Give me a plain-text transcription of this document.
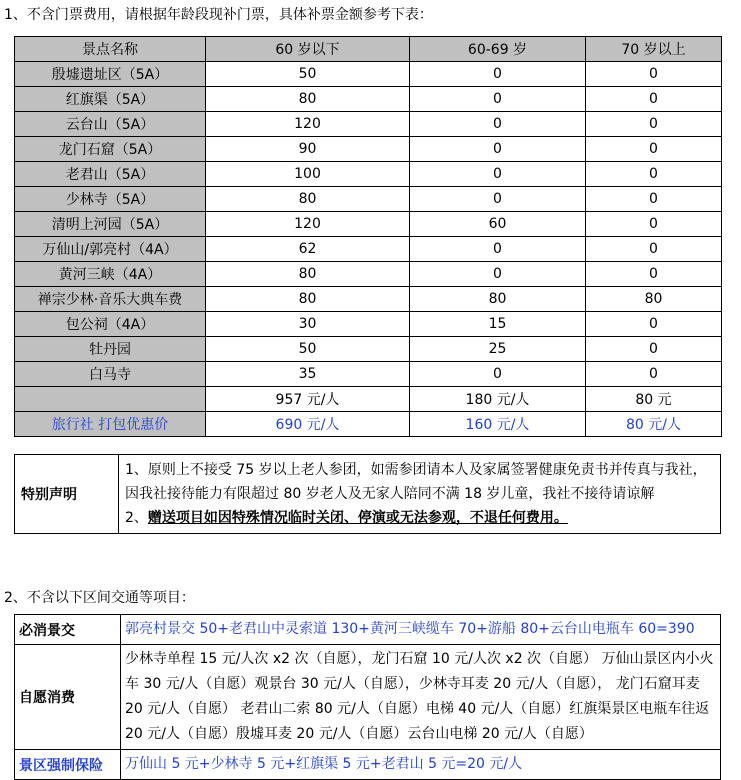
1、不含门票费用，请根据年龄段现补门票，具体补票金额参考下表：
景点名称	60 岁以下	60-69 岁	70 岁以上
殷墟遗址区（5A）	50	0	0
红旗渠（5A）	80	0	0
云台山（5A）	120	0	0
龙门石窟（5A）	90	0	0
老君山（5A）	100	0	0
少林寺（5A）	80	0	0
清明上河园（5A）	120	60	0
万仙山/郭亮村（4A）	62	0	0
黄河三峡（4A）	80	0	0
禅宗少林·音乐大典车费	80	80	80
包公祠（4A）	30	15	0
牡丹园	50	25	0
白马寺	35	0	0
	957 元/人	180 元/人	80 元
旅行社 打包优惠价	690 元/人	160 元/人	80 元/人
特别声明	
1、原则上不接受 75 岁以上老人参团，如需参团请本人及家属签署健康免责书并传真与我社，因我社接待能力有限超过 80 岁老人及无家人陪同不满 18 岁儿童，我社不接待请谅解
2、赠送项目如因特殊情况临时关闭、停演或无法参观，不退任何费用。
2、不含以下区间交通等项目：
必消景交	郭亮村景交 50+老君山中灵索道 130+黄河三峡缆车 70+游船 80+云台山电瓶车 60=390
自愿消费	少林寺单程 15 元/人次 x2 次（自愿），龙门石窟 10 元/人次 x2 次（自愿） 万仙山景区内小火车 30 元/人（自愿）观景台 30 元/人（自愿），少林寺耳麦 20 元/人（自愿）， 龙门石窟耳麦 20 元/人（自愿） 老君山二索 80 元/人（自愿）电梯 40 元/人（自愿）红旗渠景区电瓶车往返 20 元/人（自愿）殷墟耳麦 20 元/人（自愿）云台山电梯 20 元/人（自愿）
景区强制保险	万仙山 5 元+少林寺 5 元+红旗渠 5 元+老君山 5 元=20 元/人
